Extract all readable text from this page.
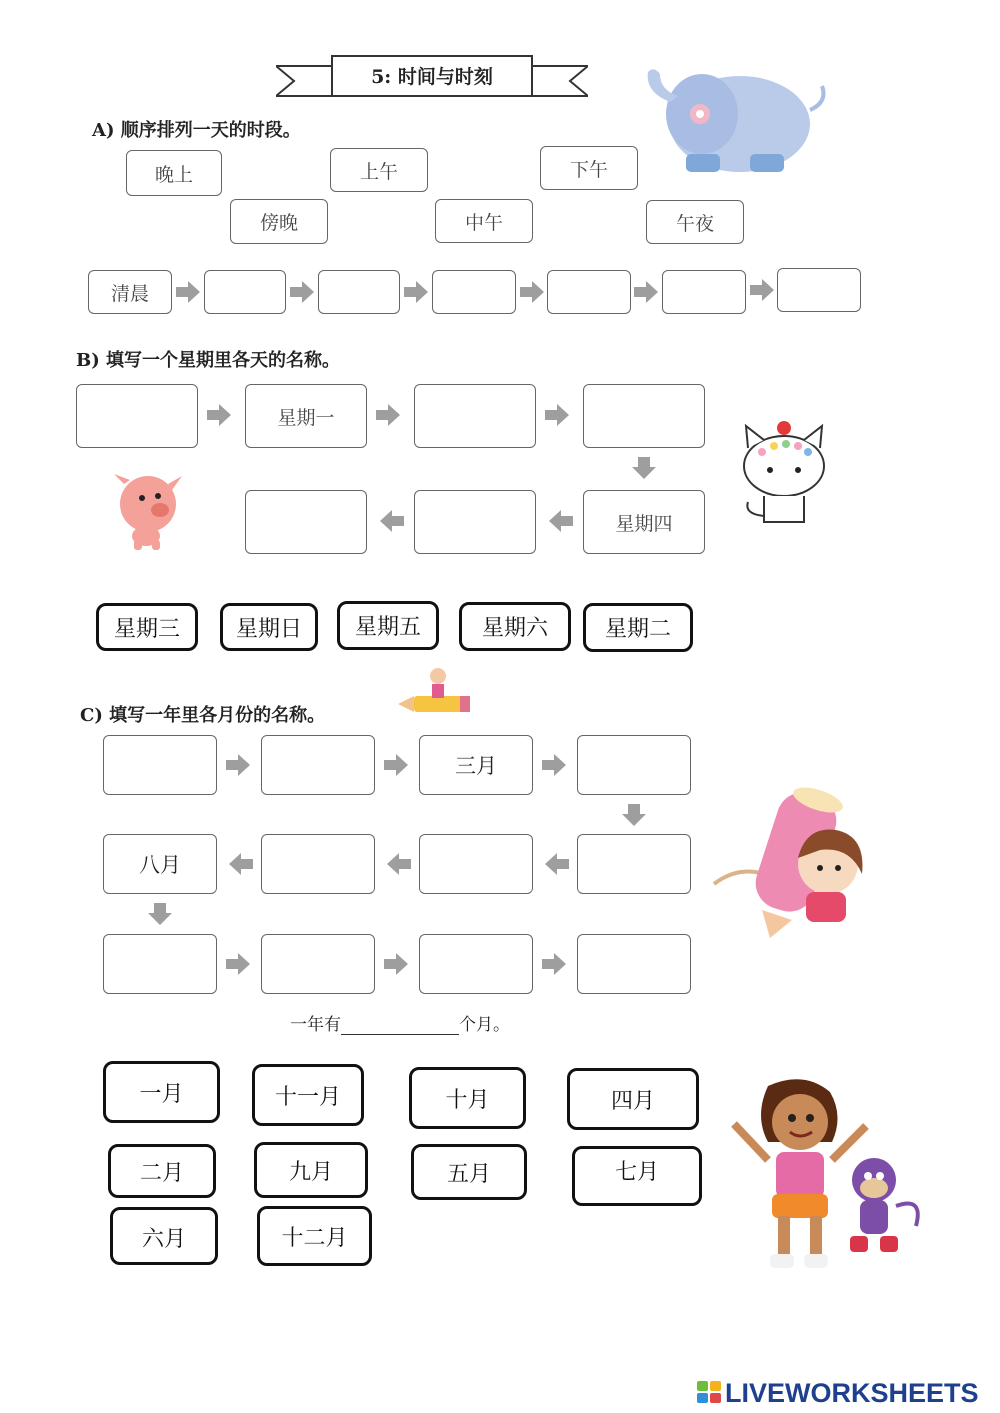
5: 时间与时刻
A) 顺序排列一天的时段。
晚上	上午	下午
傍晚	中午	午夜
清晨
B) 填写一个星期里各天的名称。
星期一
星期四
星期三	星期日	星期五	星期六	星期二
C) 填写一年里各月份的名称。
三月
八月
一年有	个月。
一月	十一月	十月	四月
二月	九月	五月	七月
六月	十二月
LIVEWORKSHEETS
